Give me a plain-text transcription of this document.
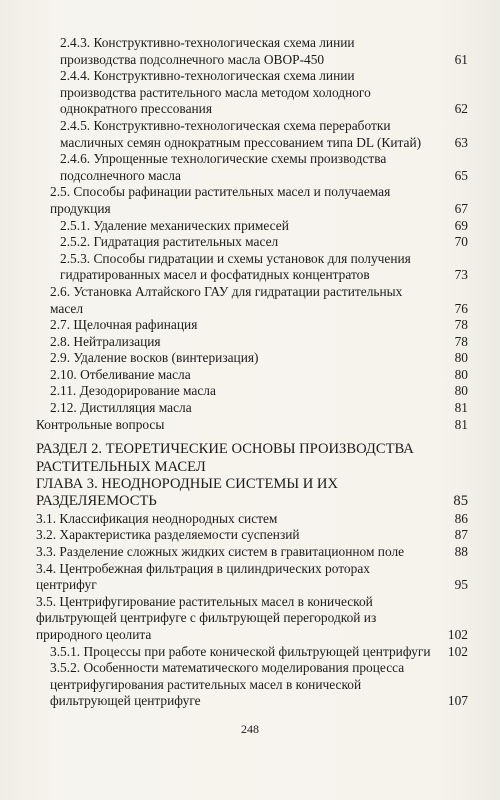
2.4.3. Конструктивно-технологическая схема линии производства подсолнечного масла ОВОР-450	61
2.4.4. Конструктивно-технологическая схема линии производства растительного масла методом холодного однократного прессования	62
2.4.5. Конструктивно-технологическая схема переработки масличных семян однократным прессованием типа DL (Китай)	63
2.4.6. Упрощенные технологические схемы производства подсолнечного масла	65
2.5. Способы рафинации растительных масел и получаемая продукция	67
2.5.1. Удаление механических примесей	69
2.5.2. Гидратация растительных масел	70
2.5.3. Способы гидратации и схемы установок для получения гидратированных масел и фосфатидных концентратов	73
2.6. Установка Алтайского ГАУ для гидратации растительных масел	76
2.7. Щелочная рафинация	78
2.8. Нейтрализация	78
2.9. Удаление восков (винтеризация)	80
2.10. Отбеливание масла	80
2.11. Дезодорирование масла	80
2.12. Дистилляция масла	81
Контрольные вопросы	81
РАЗДЕЛ 2. ТЕОРЕТИЧЕСКИЕ ОСНОВЫ ПРОИЗВОДСТВА РАСТИТЕЛЬНЫХ МАСЕЛ
ГЛАВА 3. НЕОДНОРОДНЫЕ СИСТЕМЫ И ИХ РАЗДЕЛЯЕМОСТЬ	85
3.1. Классификация неоднородных систем	86
3.2. Характеристика разделяемости суспензий	87
3.3. Разделение сложных жидких систем в гравитационном поле	88
3.4. Центробежная фильтрация в цилиндрических роторах центрифуг	95
3.5. Центрифугирование растительных масел в конической фильтрующей центрифуге с фильтрующей перегородкой из природного цеолита	102
3.5.1. Процессы при работе конической фильтрующей центрифуги	102
3.5.2. Особенности математического моделирования процесса центрифугирования растительных масел в конической фильтрующей центрифуге	107
248
